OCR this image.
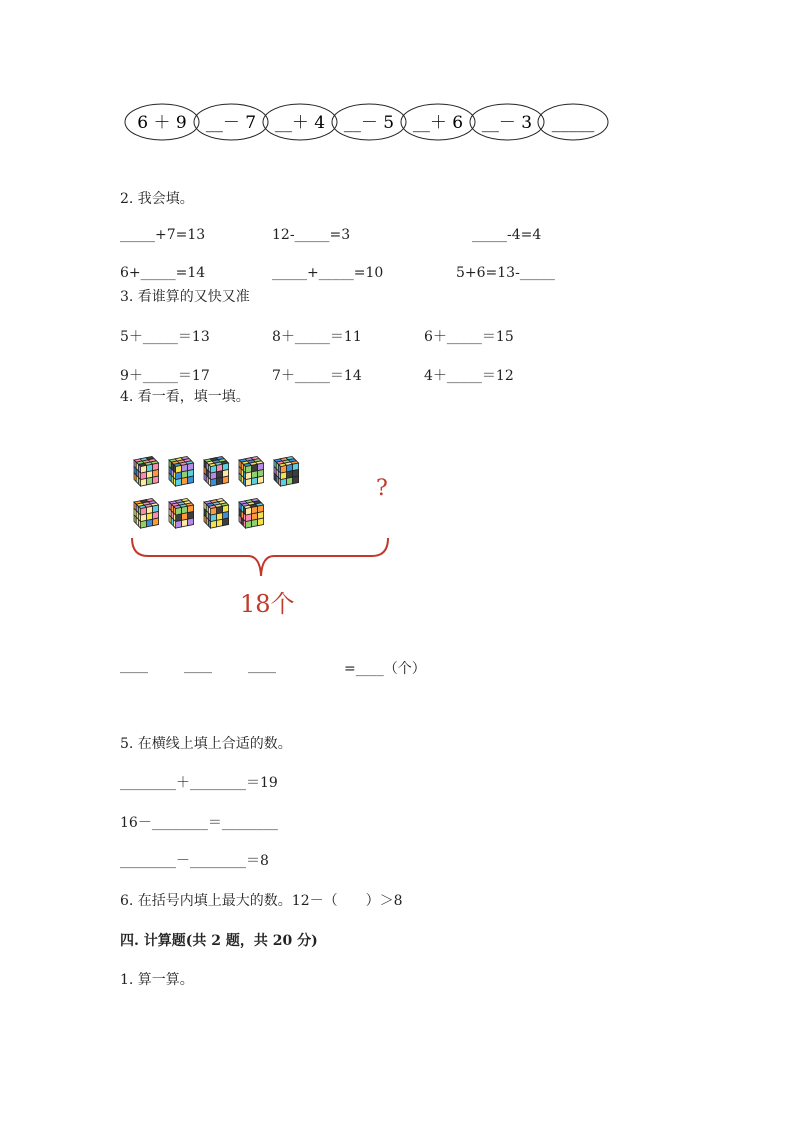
6 ＋ 9 __－ 7 __＋ 4 __－ 5 __＋ 6 __－ 3 _____
2. 我会填。
_____+7=13	12-_____=3	_____-4=4
6+_____=14	_____+_____=10	5+6=13-_____
3. 看谁算的又快又准
5＋_____＝13	8＋_____＝11	6＋_____＝15
9＋_____＝17	7＋_____＝14	4＋_____＝12
4. 看一看，填一填。
?
18个
____	____	____	=____（个）
5. 在横线上填上合适的数。
________＋________＝19
16－________＝________
________－________＝8
6. 在括号内填上最大的数。12－（　　）＞8
四. 计算题(共 2 题，共 20 分)
1. 算一算。
